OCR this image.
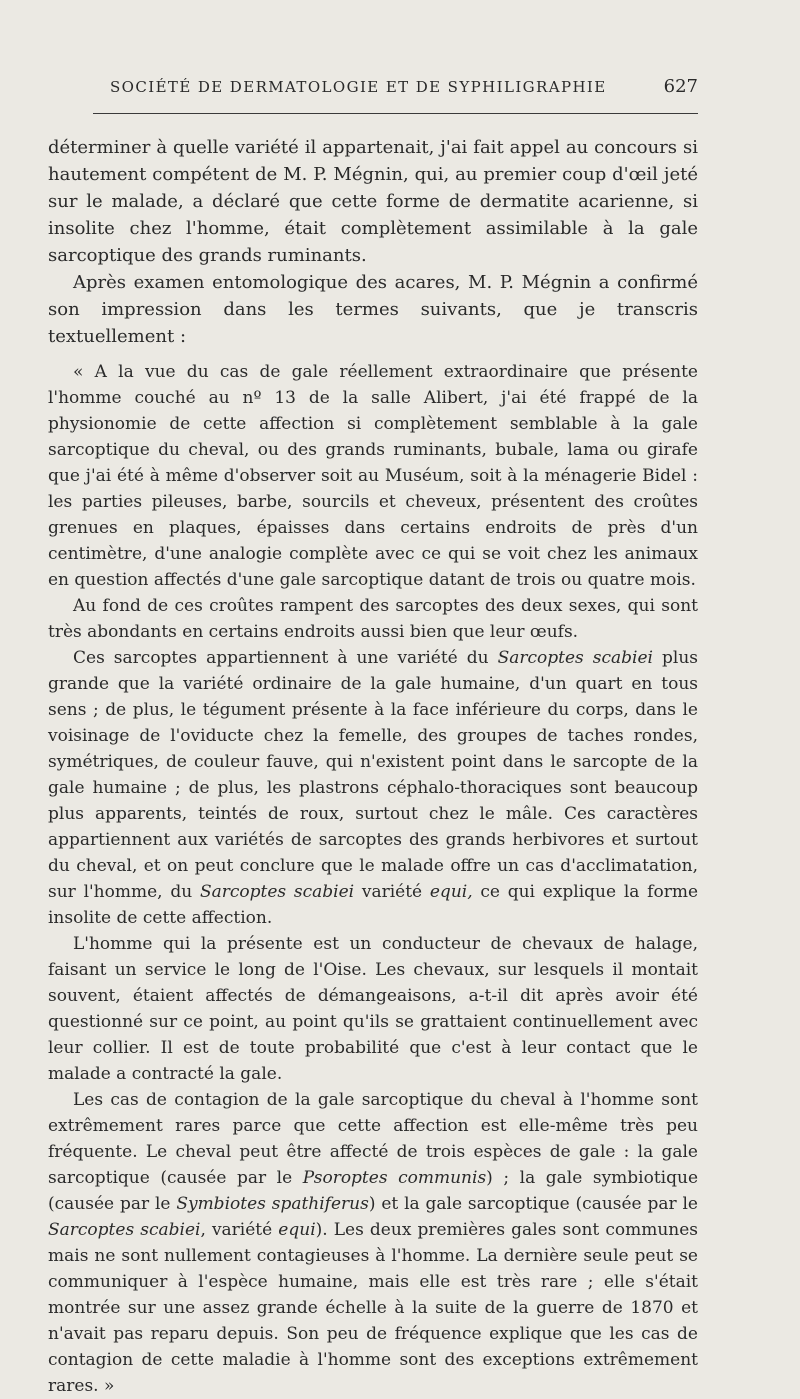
SOCIÉTÉ DE DERMATOLOGIE ET DE SYPHILIGRAPHIE	627

déterminer à quelle variété il appartenait, j'ai fait appel au concours si hautement compétent de M. P. Mégnin, qui, au premier coup d'œil jeté sur le malade, a déclaré que cette forme de dermatite acarienne, si insolite chez l'homme, était complètement assimilable à la gale sarcoptique des grands ruminants.

Après examen entomologique des acares, M. P. Mégnin a confirmé son impression dans les termes suivants, que je transcris textuellement :

« A la vue du cas de gale réellement extraordinaire que présente l'homme couché au nº 13 de la salle Alibert, j'ai été frappé de la physionomie de cette affection si complètement semblable à la gale sarcoptique du cheval, ou des grands ruminants, bubale, lama ou girafe que j'ai été à même d'observer soit au Muséum, soit à la ménagerie Bidel : les parties pileuses, barbe, sourcils et cheveux, présentent des croûtes grenues en plaques, épaisses dans certains endroits de près d'un centimètre, d'une analogie complète avec ce qui se voit chez les animaux en question affectés d'une gale sarcoptique datant de trois ou quatre mois.

Au fond de ces croûtes rampent des sarcoptes des deux sexes, qui sont très abondants en certains endroits aussi bien que leur œufs.

Ces sarcoptes appartiennent à une variété du Sarcoptes scabiei plus grande que la variété ordinaire de la gale humaine, d'un quart en tous sens ; de plus, le tégument présente à la face inférieure du corps, dans le voisinage de l'oviducte chez la femelle, des groupes de taches rondes, symétriques, de couleur fauve, qui n'existent point dans le sarcopte de la gale humaine ; de plus, les plastrons céphalo-thoraciques sont beaucoup plus apparents, teintés de roux, surtout chez le mâle. Ces caractères appartiennent aux variétés de sarcoptes des grands herbivores et surtout du cheval, et on peut conclure que le malade offre un cas d'acclimatation, sur l'homme, du Sarcoptes scabiei variété equi, ce qui explique la forme insolite de cette affection.

L'homme qui la présente est un conducteur de chevaux de halage, faisant un service le long de l'Oise. Les chevaux, sur lesquels il montait souvent, étaient affectés de démangeaisons, a-t-il dit après avoir été questionné sur ce point, au point qu'ils se grattaient continuellement avec leur collier. Il est de toute probabilité que c'est à leur contact que le malade a contracté la gale.

Les cas de contagion de la gale sarcoptique du cheval à l'homme sont extrêmement rares parce que cette affection est elle-même très peu fréquente. Le cheval peut être affecté de trois espèces de gale : la gale sarcoptique (causée par le Psoroptes communis) ; la gale symbiotique (causée par le Symbiotes spathiferus) et la gale sarcoptique (causée par le Sarcoptes scabiei, variété equi). Les deux premières gales sont communes mais ne sont nullement contagieuses à l'homme. La dernière seule peut se communiquer à l'espèce humaine, mais elle est très rare ; elle s'était montrée sur une assez grande échelle à la suite de la guerre de 1870 et n'avait pas reparu depuis. Son peu de fréquence explique que les cas de contagion de cette maladie à l'homme sont des exceptions extrêmement rares. »
